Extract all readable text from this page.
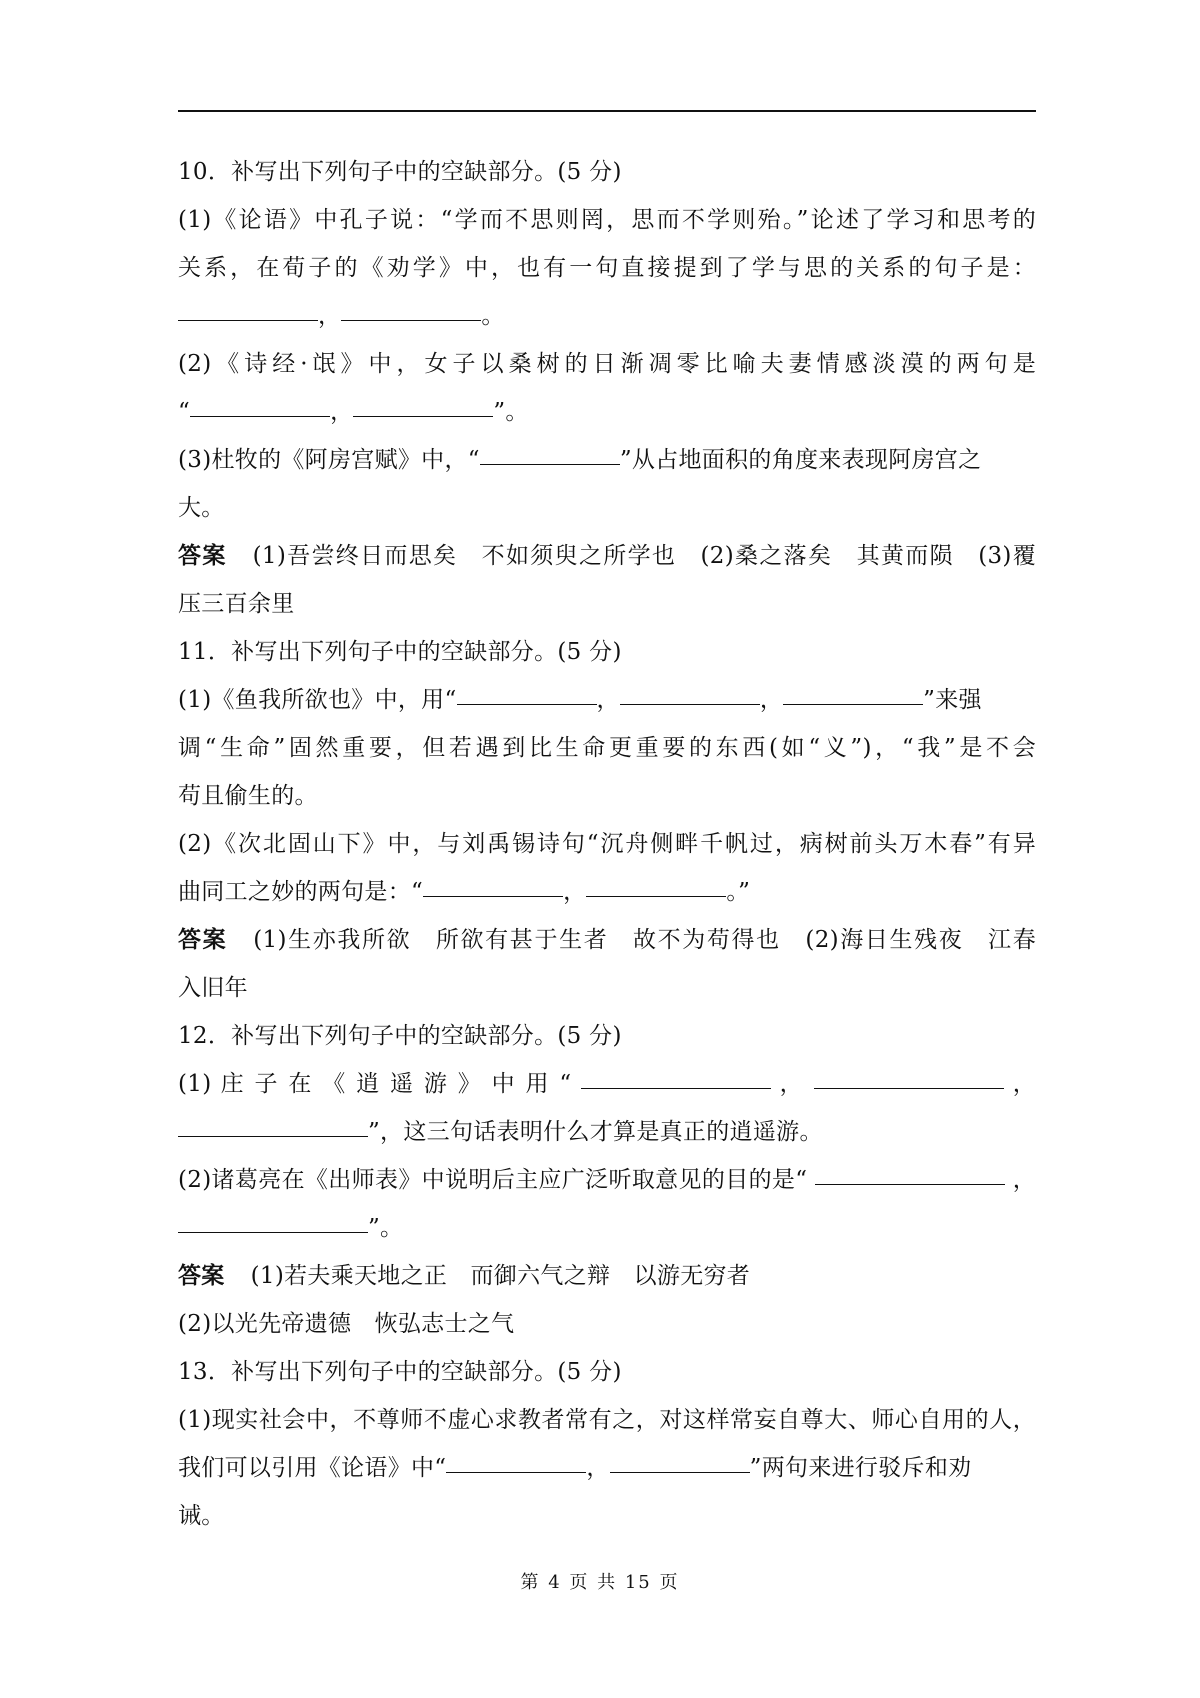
10．补写出下列句子中的空缺部分。(5 分)
(1)《论语》中孔子说：“学而不思则罔，思而不学则殆。”论述了学习和思考的
关系，在荀子的《劝学》中，也有一句直接提到了学与思的关系的句子是：
，	。
(2)《诗经·氓》中，女子以桑树的日渐凋零比喻夫妻情感淡漠的两句是
“	，	”。
(3)杜牧的《阿房宫赋》中，“	”从占地面积的角度来表现阿房宫之
大。
答案 (1)吾尝终日而思矣　不如须臾之所学也　(2)桑之落矣　其黄而陨　(3)覆
压三百余里
11．补写出下列句子中的空缺部分。(5 分)
(1)《鱼我所欲也》中，用“	，	，	”来强
调“生命”固然重要，但若遇到比生命更重要的东西(如“义”)，“我”是不会
苟且偷生的。
(2)《次北固山下》中，与刘禹锡诗句“沉舟侧畔千帆过，病树前头万木春”有异
曲同工之妙的两句是：“	，	。”
答案 (1)生亦我所欲　所欲有甚于生者　故不为苟得也　(2)海日生残夜　江春
入旧年
12．补写出下列句子中的空缺部分。(5 分)
(1) 庄 子 在 《 逍 遥 游 》 中 用 “	，	，
”，这三句话表明什么才算是真正的逍遥游。
(2)诸葛亮在《出师表》中说明后主应广泛听取意见的目的是“	，
”。
答案 (1)若夫乘天地之正　而御六气之辩　以游无穷者
(2)以光先帝遗德　恢弘志士之气
13．补写出下列句子中的空缺部分。(5 分)
(1)现实社会中，不尊师不虚心求教者常有之，对这样常妄自尊大、师心自用的人，
我们可以引用《论语》中“	，	”两句来进行驳斥和劝
诫。
第 4 页 共 15 页
